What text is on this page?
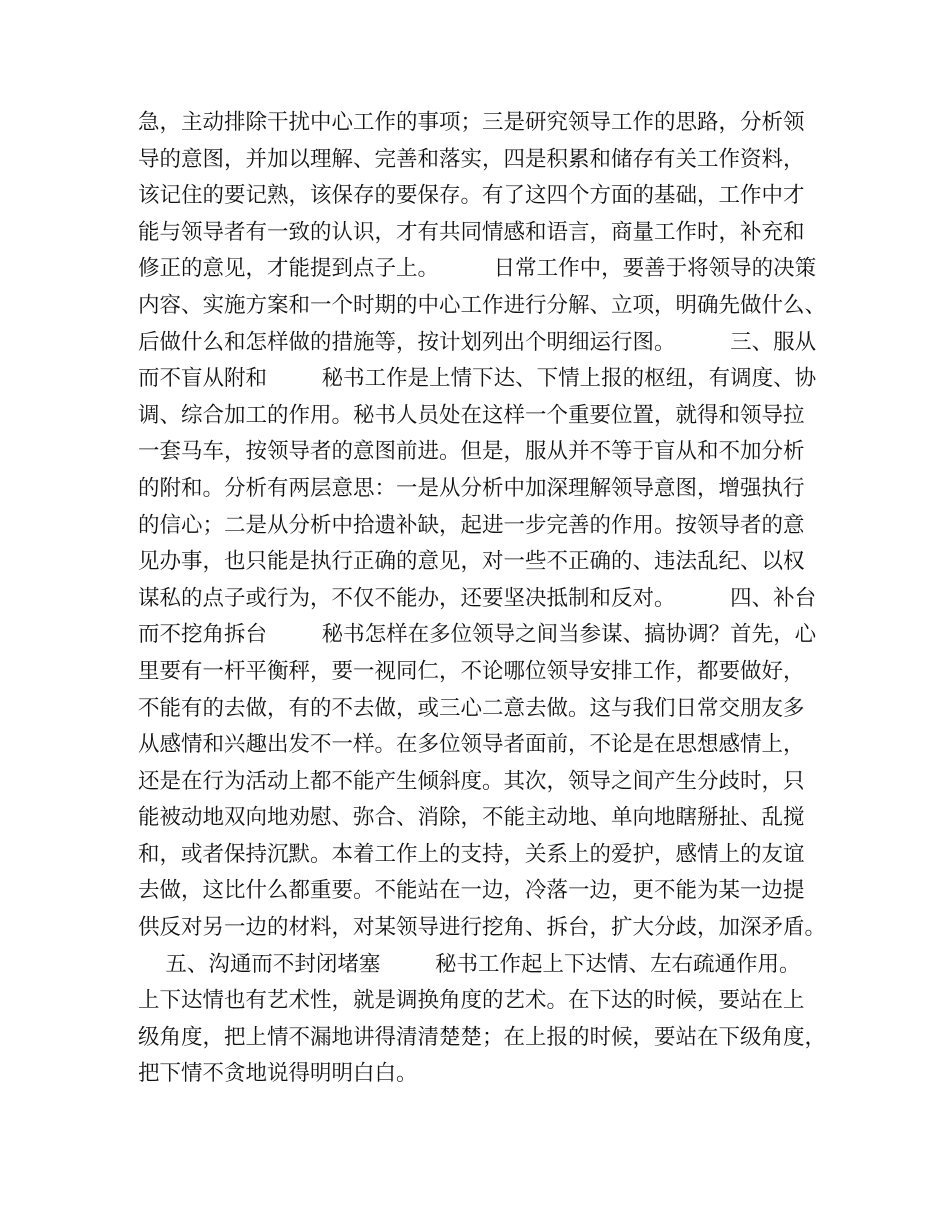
急，主动排除干扰中心工作的事项；三是研究领导工作的思路，分析领
导的意图，并加以理解、完善和落实，四是积累和储存有关工作资料，
该记住的要记熟，该保存的要保存。有了这四个方面的基础，工作中才
能与领导者有一致的认识，才有共同情感和语言，商量工作时，补充和
修正的意见，才能提到点子上。        日常工作中，要善于将领导的决策
内容、实施方案和一个时期的中心工作进行分解、立项，明确先做什么、
后做什么和怎样做的措施等，按计划列出个明细运行图。        三、服从
而不盲从附和        秘书工作是上情下达、下情上报的枢纽，有调度、协
调、综合加工的作用。秘书人员处在这样一个重要位置，就得和领导拉
一套马车，按领导者的意图前进。但是，服从并不等于盲从和不加分析
的附和。分析有两层意思：一是从分析中加深理解领导意图，增强执行
的信心；二是从分析中拾遗补缺，起进一步完善的作用。按领导者的意
见办事，也只能是执行正确的意见，对一些不正确的、违法乱纪、以权
谋私的点子或行为，不仅不能办，还要坚决抵制和反对。        四、补台
而不挖角拆台        秘书怎样在多位领导之间当参谋、搞协调？首先，心
里要有一杆平衡秤，要一视同仁，不论哪位领导安排工作，都要做好，
不能有的去做，有的不去做，或三心二意去做。这与我们日常交朋友多
从感情和兴趣出发不一样。在多位领导者面前，不论是在思想感情上，
还是在行为活动上都不能产生倾斜度。其次，领导之间产生分歧时，只
能被动地双向地劝慰、弥合、消除，不能主动地、单向地瞎掰扯、乱搅
和，或者保持沉默。本着工作上的支持，关系上的爱护，感情上的友谊
去做，这比什么都重要。不能站在一边，冷落一边，更不能为某一边提
供反对另一边的材料，对某领导进行挖角、拆台，扩大分歧，加深矛盾。
五、沟通而不封闭堵塞        秘书工作起上下达情、左右疏通作用。
上下达情也有艺术性，就是调换角度的艺术。在下达的时候，要站在上
级角度，把上情不漏地讲得清清楚楚；在上报的时候，要站在下级角度，
把下情不贪地说得明明白白。
